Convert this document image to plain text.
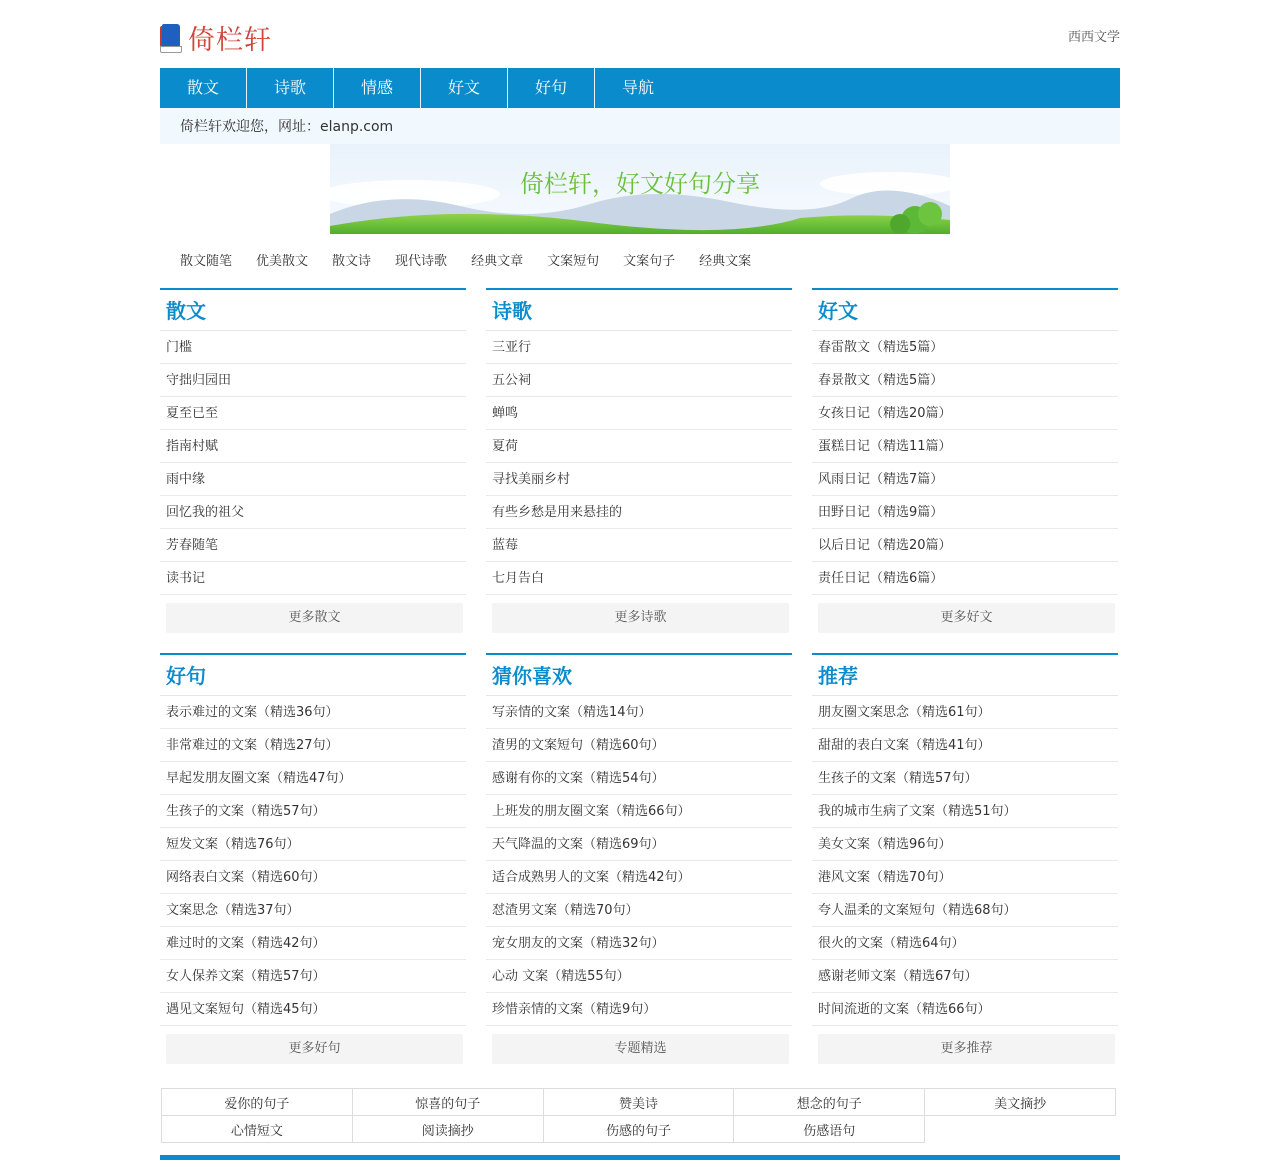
倚栏轩	西西文学
散文	诗歌	情感	好文	好句	导航
倚栏轩欢迎您，网址：elanp.com
倚栏轩，好文好句分享
散文随笔 优美散文 散文诗 现代诗歌 经典文章 文案短句 文案句子 经典文案
散文
门槛
守拙归园田
夏至已至
指南村赋
雨中缘
回忆我的祖父
芳春随笔
读书记
更多散文
诗歌
三亚行
五公祠
蝉鸣
夏荷
寻找美丽乡村
有些乡愁是用来悬挂的
蓝莓
七月告白
更多诗歌
好文
春雷散文（精选5篇）
春景散文（精选5篇）
女孩日记（精选20篇）
蛋糕日记（精选11篇）
风雨日记（精选7篇）
田野日记（精选9篇）
以后日记（精选20篇）
责任日记（精选6篇）
更多好文
好句
表示难过的文案（精选36句）
非常难过的文案（精选27句）
早起发朋友圈文案（精选47句）
生孩子的文案（精选57句）
短发文案（精选76句）
网络表白文案（精选60句）
文案思念（精选37句）
难过时的文案（精选42句）
女人保养文案（精选57句）
遇见文案短句（精选45句）
更多好句
猜你喜欢
写亲情的文案（精选14句）
渣男的文案短句（精选60句）
感谢有你的文案（精选54句）
上班发的朋友圈文案（精选66句）
天气降温的文案（精选69句）
适合成熟男人的文案（精选42句）
怼渣男文案（精选70句）
宠女朋友的文案（精选32句）
心动 文案（精选55句）
珍惜亲情的文案（精选9句）
专题精选
推荐
朋友圈文案思念（精选61句）
甜甜的表白文案（精选41句）
生孩子的文案（精选57句）
我的城市生病了文案（精选51句）
美女文案（精选96句）
港风文案（精选70句）
夸人温柔的文案短句（精选68句）
很火的文案（精选64句）
感谢老师文案（精选67句）
时间流逝的文案（精选66句）
更多推荐
爱你的句子	惊喜的句子	赞美诗	想念的句子	美文摘抄
心情短文	阅读摘抄	伤感的句子	伤感语句	
